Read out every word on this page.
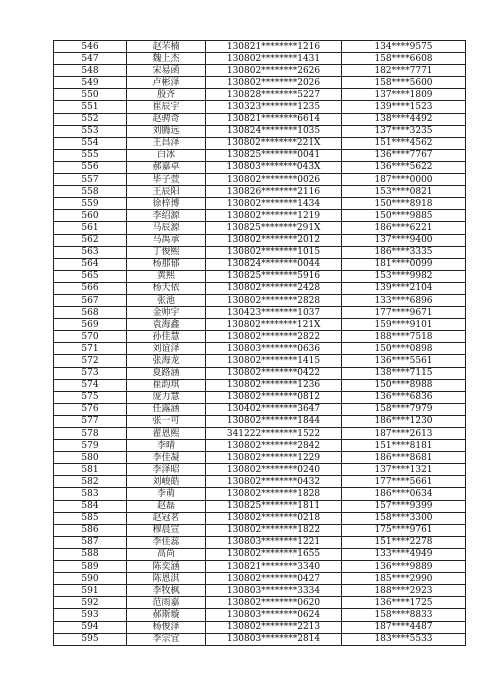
546	赵芣楠	130821********1216	134****9575
547	魏上杰	130802********1431	158****6608
548	宋易函	130802********2626	182****7771
549	卢彬泽	130802********2026	158****5600
550	殷齐	130828********5227	137****1809
551	崔辰宇	130323********1235	139****1523
552	赵骋奇	130821********6614	138****4492
553	刘腾远	130824********1035	137****3235
554	王昌泽	130802********221X	151****4562
555	白冰	130825********0041	136****7767
556	郝嘉卓	130803********043X	136****5622
557	毕子萱	130802********0026	187****0000
558	王辰阳	130826********2116	153****0821
559	徐梓博	130802********1434	150****8918
560	李绍源	130802********1219	150****9885
561	马辰源	130825********291X	186****6221
562	马禹承	130802********2012	137****9400
563	丁俊熙	130802********1015	186****3335
564	杨那郁	130824********0044	181****0099
565	黄熙	130825********5916	153****9982
566	杨天依	130802********2428	139****2104
567	张池	130802********2828	133****6896
568	金帅宇	130423********1037	177****9671
569	袁海鑫	130802********121X	159****9101
570	孙佳慧	130802********2822	188****7518
571	刘谊泽	130803********0636	150****0898
572	张海龙	130802********1415	136****5561
573	夏路涵	130802********0422	138****7115
574	崔韵琪	130802********1236	150****8988
575	庞力慧	130802********0812	136****6836
576	任露涵	130402********3647	158****7979
577	张一可	130802********1844	186****1230
578	翟恩熙	341222********1522	187****2613
579	李晴	130802********2842	151****8181
580	李佳凝	130802********1229	186****8681
581	李泽昭	130802********0240	137****1321
582	刘峻皓	130802********0432	177****5661
583	李萌	130802********1828	186****0634
584	赵磊	130825********1811	157****9399
585	赵冠茗	130802********0218	158****3300
586	穆晨宣	130802********1822	175****9761
587	李佳蕊	130803********1221	151****2278
588	高尚	130802********1655	133****4949
589	陈奕涵	130821********3340	136****9889
590	陈恩淇	130802********0427	185****2990
591	李牧枫	130803********3334	188****2923
592	范雨嘉	130802********0620	136****1725
593	郝斯璇	130803********0624	158****8833
594	杨俊泽	130802********2213	187****4487
595	李宗宜	130803********2814	183****5533
